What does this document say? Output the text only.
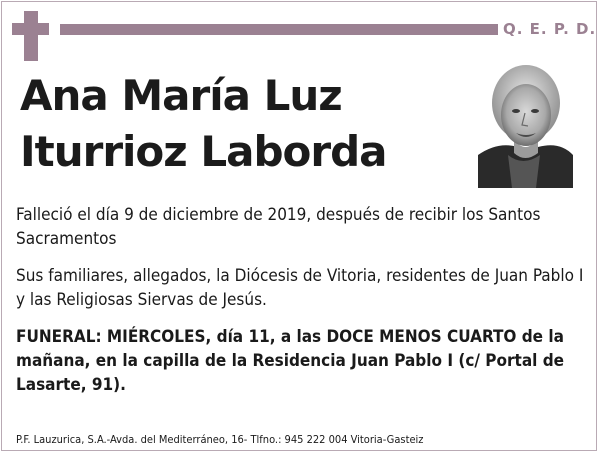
Q. E. P. D.
Ana María Luz
Iturrioz Laborda
Falleció el día 9 de diciembre de 2019, después de recibir los Santos Sacramentos
Sus familiares, allegados, la Diócesis de Vitoria, residentes de Juan Pablo I y las Religiosas Siervas de Jesús.
FUNERAL: MIÉRCOLES, día 11, a las DOCE MENOS CUARTO de la mañana, en la capilla de la Residencia Juan Pablo I (c/ Portal de Lasarte, 91).
P.F. Lauzurica, S.A.-Avda. del Mediterráneo, 16- Tlfno.: 945 222 004 Vitoria-Gasteiz
